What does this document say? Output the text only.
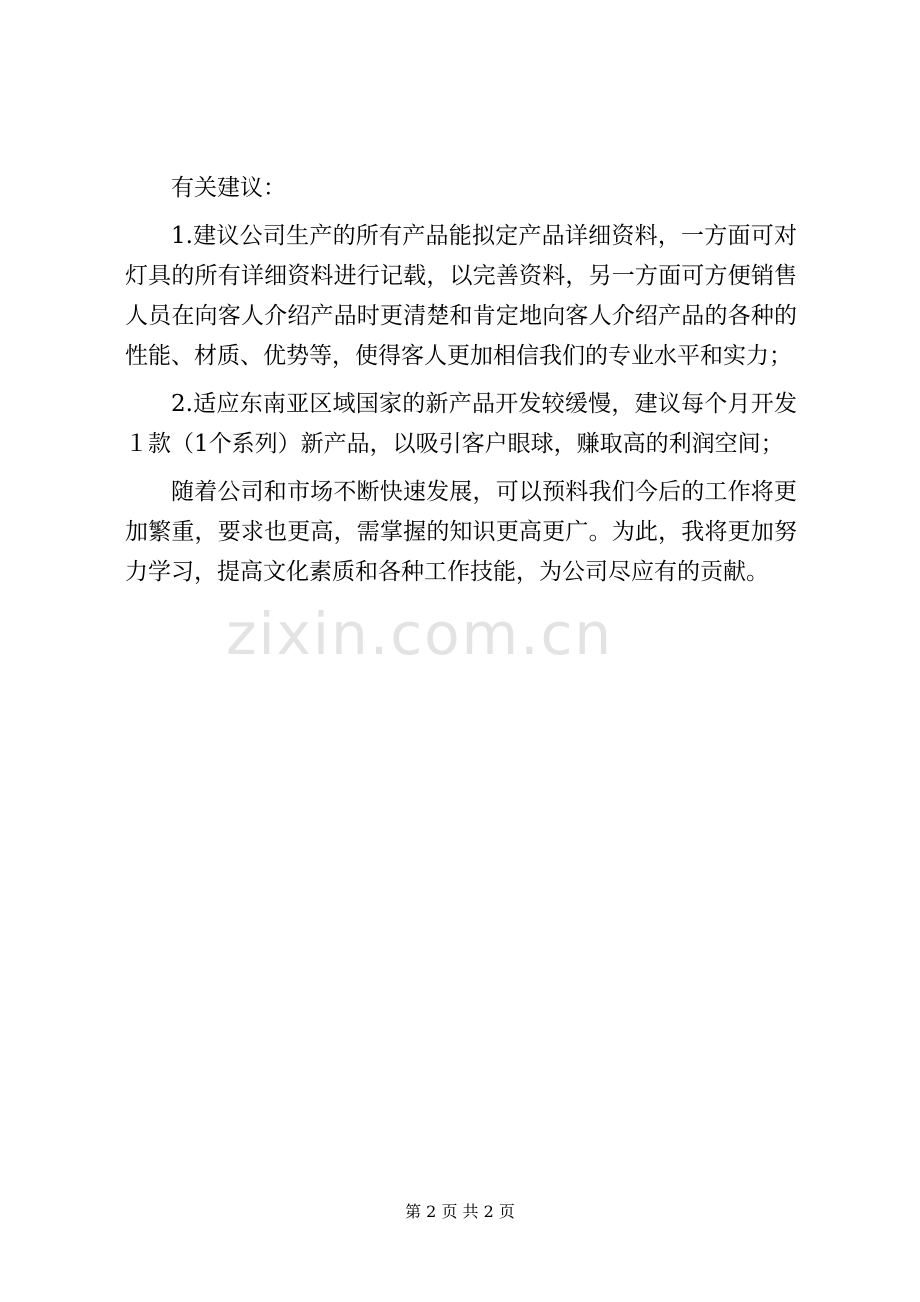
zixin.com.cn

有关建议：

1.建议公司生产的所有产品能拟定产品详细资料，一方面可对灯具的所有详细资料进行记载，以完善资料，另一方面可方便销售人员在向客人介绍产品时更清楚和肯定地向客人介绍产品的各种的性能、材质、优势等，使得客人更加相信我们的专业水平和实力；

2.适应东南亚区域国家的新产品开发较缓慢，建议每个月开发１款（1个系列）新产品，以吸引客户眼球，赚取高的利润空间；

随着公司和市场不断快速发展，可以预料我们今后的工作将更加繁重，要求也更高，需掌握的知识更高更广。为此，我将更加努力学习，提高文化素质和各种工作技能，为公司尽应有的贡献。

第 2 页 共 2 页
